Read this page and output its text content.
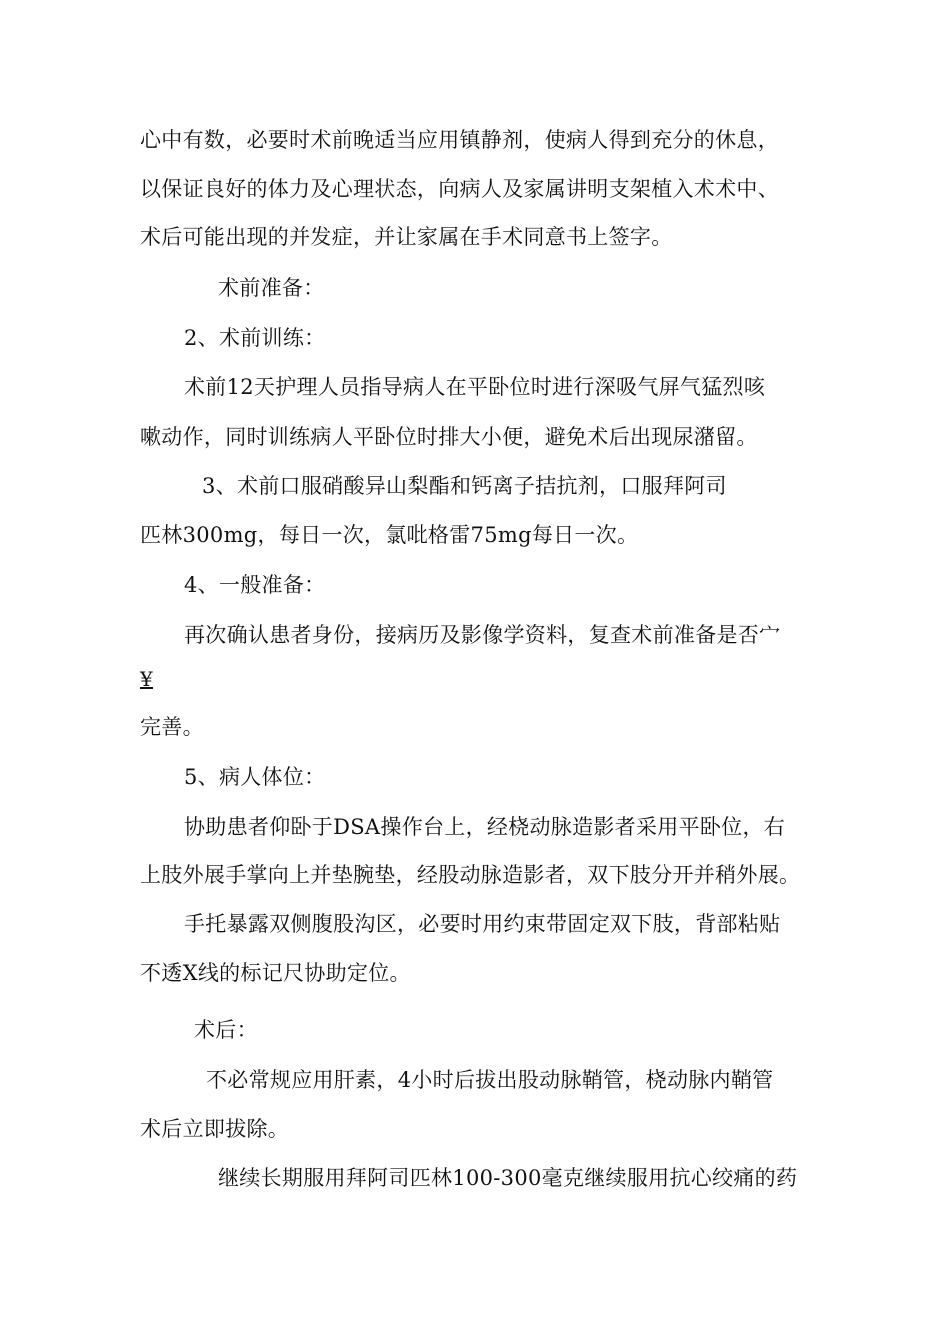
心中有数，必要时术前晚适当应用镇静剂，使病人得到充分的休息，

以保证良好的体力及心理状态，向病人及家属讲明支架植入术术中、

术后可能出现的并发症，并让家属在手术同意书上签字。

术前准备：

2、术前训练：

术前12天护理人员指导病人在平卧位时进行深吸气屏气猛烈咳

嗽动作，同时训练病人平卧位时排大小便，避免术后出现尿潴留。

3、术前口服硝酸异山梨酯和钙离子拮抗剂，口服拜阿司

匹林300mg，每日一次，氯吡格雷75mg每日一次。

4、一般准备：

再次确认患者身份，接病历及影像学资料，复查术前准备是否宀

¥

完善。

5、病人体位：

协助患者仰卧于DSA操作台上，经桡动脉造影者采用平卧位，右

上肢外展手掌向上并垫腕垫，经股动脉造影者，双下肢分开并稍外展。

手托暴露双侧腹股沟区，必要时用约束带固定双下肢，背部粘贴

不透X线的标记尺协助定位。

术后：

不必常规应用肝素，4小时后拔出股动脉鞘管，桡动脉内鞘管

术后立即拔除。

继续长期服用拜阿司匹林100-300毫克继续服用抗心绞痛的药
